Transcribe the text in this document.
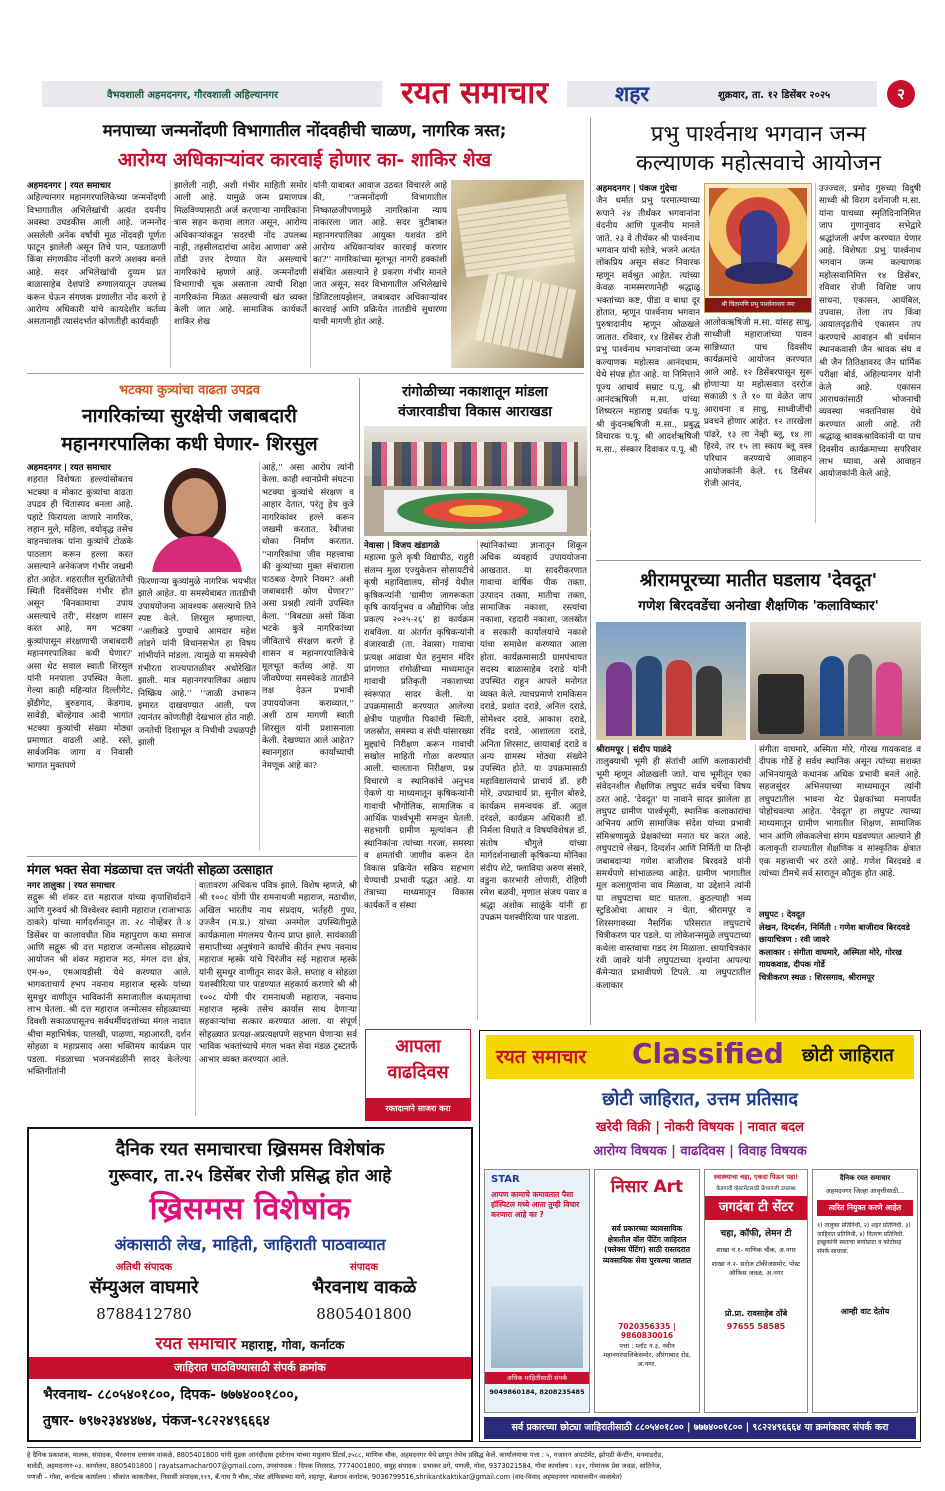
वैभवशाली अहमदनगर, गौरवशाली अहिल्यानगर	रयत समाचार	शहर	शुक्रवार, ता. १२ डिसेंबर २०२५	२
मनपाच्या जन्मनोंदणी विभागातील नोंदवहीची चाळण, नागरिक त्रस्त;
आरोग्य अधिकाऱ्यांवर कारवाई होणार का- शाकिर शेख
अहमदनगर | रयत समाचार
अहिल्यानगर महानगरपालिकेच्या जन्मनोंदणी विभागातील अभिलेखांची अत्यंत दयनीय अवस्था उघडकीस आली आहे. जन्मनोंद असलेली अनेक वर्षांची मूळ नोंदवही पूर्णतः फाटून झालेली असून तिचे पान, पडताळणी किंवा संगणकीय नोंदणी करणे अशक्य बनले आहे. सदर अभिलेखांची दुय्यम प्रत बाळासाहेब देशपांडे रुग्णालयातून उपलब्ध करून घेऊन संगणक प्रणालीत नोंद करणे हे आरोग्य अधिकारी यांचे कायदेशीर कर्तव्य असतानाही त्यासंदर्भात कोणतीही कार्यवाही
झालेली नाही, अशी गंभीर माहिती समोर आली आहे. यामुळे जन्म प्रमाणपत्र मिळविण्यासाठी अर्ज करणाऱ्या नागरिकांना त्रास सहन करावा लागत असून, आरोग्य अधिकाऱ्यांकडून 'सदरची नोंद उपलब्ध नाही, तहसीलदारांचा आदेश आणावा' असे तोंडी उत्तर देण्यात येत असल्याचे नागरिकांचे म्हणणे आहे. जन्मनोंदणी विभागाची चूक असताना त्याची शिक्षा नागरिकांना मिळत असल्याची खंत व्यक्त केली जात आहे. सामाजिक कार्यकर्ते शाकिर शेख
यांनी याबाबत आवाज उठवत विचारले आहे की, ''जन्मनोंदणी विभागातील निष्काळजीपणामुळे नागरिकांना न्याय नाकारला जात आहे. सदर त्रुटीबाबत महानगरपालिका आयुक्त यशवंत डांगे आरोग्य अधिकाऱ्यांवर कारवाई करणार का?'' नागरिकांच्या मूलभूत नागरी हक्कांशी संबंधित असल्याने हे प्रकरण गंभीर मानले जात असून, सदर विभागातील अभिलेखांचे डिजिटलायझेशन, जबाबदार अधिकाऱ्यांवर कारवाई आणि प्रक्रियेत तातडीचे सुधारणा याची मागणी होत आहे.
प्रभु पार्श्वनाथ भगवान जन्म
कल्याणक महोत्सवाचे आयोजन
अहमदनगर | पंकज गुंदेचा
जैन धर्मात प्रभु परमात्म्याच्या रूपाने २४ तीर्थंकर भगवानांना वंदनीय आणि पूजनीय मानले जाते. २३ वे तीर्थंकर श्री पार्श्वनाथ भगवान यांची स्तोत्रे, भजने अत्यंत लोकप्रिय असून संकट निवारक म्हणून सर्वश्रुत आहेत. त्यांच्या केवळ नामस्मरणानेही श्रद्धाळू भक्तांच्या कष्ट, पीडा व बाधा दूर होतात, म्हणून पार्श्वनाथ भगवान पुरुषादानीय म्हणून ओळखले जातात. रविवार, १४ डिसेंबर रोजी प्रभु पार्श्वनाथ भगवानांच्या जन्म कल्याणक महोत्सव आनंदधाम, येथे संपन्न होत आहे. या निमित्ताने पूज्य आचार्य सम्राट प.पू. श्री आनंदऋषिजी म.सा. यांच्या शिष्यरत्न महाराष्ट्र प्रवर्तक प.पू. श्री कुंदनऋषिजी म.सा., प्रबुद्ध विचारक प.पू. श्री आदर्शऋषिजी म.सा., संस्कार दिवाकर प.पू. श्री
श्री चिंतामणि प्रभु पार्श्वनाथाय नमः
आलोकऋषिजी म.सा. यांसह साधु, साध्वीजी महाराजांच्या पावन सान्निध्यात पाच दिवसीय कार्यक्रमांचे आयोजन करण्यात आले आहे. १२ डिसेंबरपासून सुरू होणाऱ्या या महोत्सवात दररोज सकाळी ९ ते १० या वेळेत जाप आराधना व साधु, साध्वीजींची प्रवचने होणार आहेत. १२ तारखेला पांढरे, १३ ला नेव्ही ब्लू, १४ ला हिरवे, तर १५ ला स्काय ब्लू वस्त्र परिधान करण्याचे आवाहन आयोजकांनी केले. १६ डिसेंबर रोजी आनंद,
उज्ज्वल, प्रमोद गुरुच्या विदुषी साध्वी श्री विराग दर्शनाजी म.सा. यांना पाचव्या स्मृतिदिनानिमित्त जाप गुणानुवाद सभेद्वारे श्रद्धांजली अर्पण करण्यात येणार आहे. विशेषतः प्रभु पार्श्वनाथ भगवान जन्म कल्याणक महोत्सवानिमित्त १४ डिसेंबर, रविवार रोजी विशिष्ट जाप साधना, एकासन, आयंबिल, उपवास, तेला तप किंवा आयालदृढ़तीचे एकासन तप करण्याचे आवाहन श्री वर्धमान स्थानकवासी जैन श्रावक संघ व श्री जैन तितिक्षावरद जैन धार्मिक परीक्षा बोर्ड, अहिल्यानगर यांनी केले आहे. एकासन आराधकांसाठी भोजनाची व्यवस्था भक्तनिवास येथे करण्यात आली आहे. तरी श्रद्धाळू श्रावकश्राविकांनी या पाच दिवसीय कार्यक्रमाच्या सपरिवार लाभ घ्यावा, असे आवाहन आयोजकांनी केले आहे.
भटक्या कुत्र्यांचा वाढता उपद्रव
नागरिकांच्या सुरक्षेची जबाबदारी
महानगरपालिका कधी घेणार- शिरसुल
अहमदनगर | रयत समाचार
शहरात विशेषतः हल्ल्यांसोबतच भटक्या व मोकाट कुत्र्यांचा वाढता उपद्रव ही चिंतास्पद बनला आहे. पहाटे फिरायला जाणारे नागरिक, लहान मुले, महिला, वयोवृद्ध तसेच वाहनचालक यांना कुत्र्यांचे टोळके पाठलाग करून हल्ला करत असल्याने अनेकजण गंभीर जखमी होत आहेत. शहरातील सुरक्षिततेची स्थिती दिवसेंदिवस गंभीर होत असून 'बिनकामाचा उपाय असल्याचे तरी', संरक्षण शासन करत आहे, मग भटक्या कुत्र्यांपासून संरक्षणाची जबाबदारी महानगरपालिका कधी घेणार?' असा थेट सवाल स्वाती शिरसुल यांनी मनपाला उपस्थित केला. गेल्या काही महिन्यांत दिल्लीगेट, झेंडीगेट, बुरुडगाव, केडगाव, सावेडी, बोल्हेगाव आदी भागांत भटक्या कुत्र्यांची संख्या मोठ्या प्रमाणात वाढली आहे. रस्ते, सार्वजनिक जागा व निवासी भागात मुक्तपणे
फिरणाऱ्या कुत्र्यांमुळे नागरिक भयभीत झाले आहेत. या समस्येबाबत तातडीची उपाययोजना आवश्यक असल्याचे तिने स्पष्ट केले. शिरसुल म्हणाल्या, ''अलीकडे पुण्याचे आमदार महेश लांडगे यांनी विधानसभेत हा विषय गांभीर्याने मांडला. त्यामुळे या समस्येची गंभीरता राज्यपातळीवर अधोरेखित झाली. मात्र महानगरपालिका अद्याप निष्क्रिय आहे.'' ''जाळी उभारून इमारत दाखवण्यात आली, पण त्यानंतर कोणतीही देखभाल होत नाही. जनतेची दिशाभूल व निधीची उधळपट्टी झाली
आहे,'' असा आरोप त्यांनी केला. काही श्वानप्रेमी संघटना भटक्या कुत्र्यांचे संरक्षण व आहार देतात, परंतु हेच कुत्रे नागरिकांवर हल्ले करून जखमी करतात, रेबीजचा धोका निर्माण करतात. ''नागरिकांचा जीव महत्त्वाचा की कुत्र्यांच्या मुक्त संचाराला पाठबळ देणारे नियम? अशी जबाबदारी कोण घेणार?'' असा प्रश्नही त्यांनी उपस्थित केला. ''बिबट्या असो किंवा भटके कुत्रे नागरिकांच्या जीविताचे संरक्षण करणे हे शासन व महानगरपालिकेचे मूलभूत कर्तव्य आहे. या जीवघेण्या समस्येकडे तातडीने लक्ष देऊन प्रभावी उपाययोजना कराव्यात,'' अशी ठाम मागणी स्वाती शिरसुल यांनी प्रशासनाला केली. देखण्यात आले आहेत? स्वानगृहात कार्यांच्याची नेमणूक आहे का?
रांगोळीच्या नकाशातून मांडला
वंजारवाडीचा विकास आराखडा
नेवासा | विजय खंडागळे
महात्मा फुले कृषी विद्यापीठ, राहुरी संलग्न मुळा एज्युकेशन सोसायटीचे कृषी महाविद्यालय, सोनई येथील कृषिकन्यांनी 'ग्रामीण जागरूकता कृषि कार्यानुभव व औद्योगिक जोड प्रकल्प २०२५-२६' हा कार्यक्रम राबविला. या अंतर्गत कृषिकन्यांनी वंजारवाडी (ता. नेवासा) गावाचा प्रत्यक्ष आढावा घेत हनुमान मंदिर प्रांगणात रांगोळीच्या माध्यमातून गावाची प्रतिकृती नकाशाच्या स्वरूपात सादर केली. या उपक्रमासाठी करण्यात आलेल्या क्षेत्रीय पाहणीत पिकांची स्थिती, जलस्रोत, समस्या व संधी यांसारख्या मुद्द्यांचे निरीक्षण करून गावाची सखोल माहिती गोळा करण्यात आली. चालताना निरीक्षण, प्रश्न विचारणे व स्थानिकांचे अनुभव ऐकणे या माध्यमातून कृषिकन्यांनी गावाची भौगोलिक, सामाजिक व आर्थिक पार्श्वभूमी समजून घेतली. सहभागी ग्रामीण मूल्यांकन ही स्थानिकांना त्यांच्या गरजा, समस्या व क्षमतांची जाणीव करून देत विकास प्रक्रियेत सक्रिय सहभाग घेण्याची प्रभावी पद्धत आहे. या तंत्राच्या माध्यमातून विकास कार्यकर्ते व संस्था
स्थानिकांच्या ज्ञानातून शिकून अधिक व्यवहार्य उपाययोजना आखतात. या सादरीकरणात गावाचा वार्षिक पीक तक्ता, उत्पादन तक्ता, मातीचा तक्ता, सामाजिक नकाशा, रस्त्यांचा नकाशा, रहदारी नकाशा, जलस्रोत व सरकारी कार्यालयांचे नकाशे यांचा समावेश करण्यात आला होता. कार्यक्रमासाठी ग्रामपंचायत सदस्य बाळासाहेब दराडे यांनी उपस्थित राहून आपले मनोगत व्यक्त केले. त्याचप्रमाणे रामकिसन दराडे, प्रशांत दराडे, अनिल दराडे, सोमेश्वर दराडे, आकाश दराडे, रविंद्र दराडे, आशालता दराडे, अनिता शिरसाट, छायाबाई दराडे व अन्य ग्रामस्थ मोठ्या संख्येने उपस्थित होते. या उपक्रमासाठी महाविद्यालयाचे प्राचार्य डॉ. हरी मोरे, उपप्राचार्य प्रा. सुनील बोरुडे, कार्यक्रम समन्वयक डॉ. अतुल दरंदले, कार्यक्रम अधिकारी डॉ. निर्मला विधाते व विषयविशेषज्ञ डॉ. संतोष चौगुले यांच्या मार्गदर्शनाखाली कृषिकन्या मोनिका संदीप शेटे, फ्लाविया अरुण संसारे, वडुना कारभारी लोणारी, रोहिणी रमेश बळवी, मृणाल संजय पवार व श्रद्धा अशोक साळुंके यांनी हा उपक्रम यशस्वीरित्या पार पाडला.
श्रीरामपूरच्या मातीत घडलाय 'देवदूत'
गणेश बिरदवडेंचा अनोखा शैक्षणिक 'कलाविष्कार'
श्रीरामपूर | संदीप पाळंदे
तालुक्याची भूमी ही संतांची आणि कलाकारांची भूमी म्हणून ओळखली जाते. याच भूमीतून एका संवेदनशील शैक्षणिक लघुपट सर्वत्र चर्चेचा विषय ठरत आहे. 'देवदूत' या नावाने सादर झालेला हा लघुपट ग्रामीण पार्श्वभूमी, स्थानिक कलाकारांचा अभिनय आणि सामाजिक संदेश यांच्या प्रभावी संमिश्रणामुळे प्रेक्षकांच्या मनात घर करत आहे. लघुपटाचे लेखन, दिग्दर्शन आणि निर्मिती या तिन्ही जबाबदाऱ्या गणेश बाजीराव बिरदवडे यांनी समर्थपणे सांभाळल्या आहेत. ग्रामीण भागातील मूल कलागुणांना वाव मिळावा, या उद्देशाने त्यांनी या लघुपटाचा घाट घातला. कुठल्याही भव्य स्टुडिओचा आधार न घेता, श्रीरामपूर व शिरसगावच्या नैसर्गिक परिसरात लघुपटाचे चित्रीकरण पार पडले. या लोकेशन्समुळे लघुपटाच्या कथेला वास्तवाचा गडद रंग मिळाला. छायाचित्रकार रवी जावरे यांनी लघुपटाच्या दृश्यांना आपल्या कॅमेऱ्यात प्रभावीपणे टिपले. या लघुपटातील कलाकार
संगीता वाघमारे, अस्मिता मोरे, गोरख गायकवाड व दीपक गोर्डे हे सर्वच स्थानिक असून त्यांच्या सशक्त अभिनयामुळे कथानक अधिक प्रभावी बनले आहे. सहजसुंदर अभिनयाच्या माध्यमातून त्यांनी लघुपटातील भावना थेट प्रेक्षकांच्या मनापर्यंत पोहोचवल्या आहेत. 'देवदूत' हा लघुपट त्याच्या माध्यमातून ग्रामीण भागातील शिक्षण, सामाजिक भान आणि लोककलेचा संगम घडवण्यात आल्याने ही कलाकृती राज्यातील शैक्षणिक व सांस्कृतिक क्षेत्रात एक महत्त्वाची भर ठरते आहे. गणेश बिरदवडे व त्यांच्या टीमचे सर्व स्तरातून कौतुक होत आहे.
लघुपट : देवदूत
लेखन, दिग्दर्शन, निर्मिती : गणेश बाजीराव बिरदवडे
छायाचित्रण : रवी जावरे
कलाकार : संगीता वाघमारे, अस्मिता मोरे, गोरख गायकवाड, दीपक गोर्डे
चित्रीकरण स्थळ : शिरसगाव, श्रीरामपूर
मंगल भक्त सेवा मंडळाचा दत्त जयंती सोहळा उत्साहात
नगर तालुका | रयत समाचार
सद्गुरू श्री शंकर दत्त महाराज यांच्या कृपाशिर्वादाने आणि गुरुवर्य श्री विश्वेश्वर स्वामी महाराज (राजाभाऊ ठाकरे) यांच्या मार्गदर्शनातून ता. २८ नोव्हेंबर ते ४ डिसेंबर या कालावधीत शिव महापुराण कथा समाज आणि सद्गुरू श्री दत्त महाराज जन्मोत्सव सोहळ्याचे आयोजन श्री शंकर महाराज मठ, मंगल दत्त क्षेत्र, एम-७०, एमआयडीसी येथे करण्यात आले. भागवताचार्य ह्भप नवनाथ महाराज म्हस्के यांच्या सुमधुर वाणीतून भाविकांनी समाजातील कथामृताचा लाभ घेतला. श्री दत्त महाराज जन्मोत्सव सोहळ्याच्या दिवशी सकाळपासूनच सर्वधर्मीयदत्तांच्या मंगल नादात श्रीचा महाभिषेक, पालखी, पाळणा, महाआरती, दर्शन सोहळा व महाप्रसाद असा भक्तिमय कार्यक्रम पार पडला. मंडळाच्या भजनमंडळींनी सादर केलेल्या भक्तिगीतांनी
वातावरण अधिकच पवित्र झाले. विशेष म्हणजे, श्री श्री १००८ योगी पीर रामनाथजी महाराज, मठाधीश, अखिल भारतीय नाथ संप्रदाय, भर्तहरी गुफा, उज्जैन (म.प्र.) यांच्या अनमोल उपस्थितीमुळे कार्यक्रमाला मंगलमय चैतन्य प्राप्त झाले. सायंकाळी समाप्तीच्या अनुषंगाने कार्यांचे कीर्तन ह्भप नवनाथ महाराज म्हस्के यांचे चिरंजीव सई महाराज म्हस्के यांनी सुमधुर वाणीतून सादर केले. सप्ताह व सोहळा यशस्वीरित्या पार पाडण्यात सहकार्य करणारे श्री श्री १००८ योगी पीर रामनाथजी महाराज, नवनाथ महाराज म्हस्के तसेच कार्यास साथ देणाऱ्या सहकाऱ्यांचा सत्कार करण्यात आला. या संपूर्ण सोहळ्यात प्रत्यक्ष-अप्रत्यक्षपणे सहभाग घेणाऱ्या सर्व भाविक भक्तांच्याचे मंगल भक्त सेवा मंडळ ट्रस्टतर्फे आभार व्यक्त करण्यात आले.
आपला
वाढदिवस
रक्तदानाने साजरा करा
दैनिक रयत समाचारचा ख्रिसमस विशेषांक
गुरूवार, ता.२५ डिसेंबर रोजी प्रसिद्ध होत आहे
ख्रिसमस विशेषांक
अंकासाठी लेख, माहिती, जाहिराती पाठवाव्यात
अतिथी संपादक
सॅम्युअल वाघमारे
8788412780
संपादक
भैरवनाथ वाकळे
8805401800
रयत समाचार महाराष्ट्र, गोवा, कर्नाटक
जाहिरात पाठविण्यासाठी संपर्क क्रमांक
भैरवनाथ- ८८०५४०१८००, दिपक- ७७७४००१८००,
तुषार- ७९७२३४४४७४, पंकज-९८२२४९६६६४
रयत समाचार Classified छोटी जाहिरात
छोटी जाहिरात, उत्तम प्रतिसाद
खरेदी विक्री | नोकरी विषयक | नावात बदल
आरोग्य विषयक | वाढदिवस | विवाह विषयक
STAR
आपण कामाचे कमावतात पैसा हॉस्पिटल मध्ये आता तुम्ही विचार करणारा आहे का ?
अधिक माहितीसाठी संपर्क
9049860184, 8208235485
निसार Art
सर्व प्रकारच्या व्यावसायिक क्षेत्रातील वॉल पेंटिंग जाहिरात (फ्लेक्स पेंटिंग) साठी रास्तदरात व्यवसायिक सेवा पुरवल्या जातात
7020356335 | 9860830016
पत्ता : प्लॉट नं.३, नवीन महानगरपालिकेसमोर, औरंगाबाद रोड, अ.नगर.
स्वास्थ्याचा चहा, एकदा पिऊन पहा!
केडगावी व्हेस्टमेंटसाठी फ्रेंचायजी उपलब्ध
जगदंबा टी सेंटर
चहा, कॉफी, लेमन टी
शाखा नं.१- माणिक चौक, अ.नगर
शाखा नं.२- सरोज टॉकीजसमोर, पोस्ट ऑफिस जवळ, अ.नगर
प्रो.प्रा. रावसाहेब ठोंबे
97655 58585
दैनिक रयत समाचार
अहमदनगर जिल्हा आवृत्तीसाठी...
त्वरित नियुक्त करणे आहेत
१) तालुका प्रतिनिधी, २) शहर प्रतिनिधी, ३) जाहिरात प्रतिनिधी, ४) वितरण प्रतिनिधी. इच्छुकांनी स्वतःचा बायोडाटा व फोटोसह संपर्क साधावा.
आम्ही वाट देतोय
सर्व प्रकारच्या छोट्या जाहिरातीसाठी ८८०५४०१८०० | ७७७४००१८०० | ९८२२४९६६६४ या क्रमांकावर संपर्क करा
हे दैनिक प्रकाशक, मालक, संपादक, भैरवनाथ दत्तात्रय वाकळे, 8805401800 यांनी मुद्रक आनंदीदास ट्रस्टेनाथ यांच्या मधुलाय प्रिंटर्स,३५८८, माणिक चौक, अहमदनगर येथे छापून तेथेच प्रसिद्ध केले. कार्यालयाचा पत्ता : ५, गजानन अपार्टमेंट, झोपडी कॅन्टीन, मनमाडरोड,
सावेडी, अहमदनगर-०३. कार्यालय, 8805401800 | rayatsamachar007@gmail.com, उपसंपादक : दिपक शिरसाठ, 7774001800, समूह संपादक : प्रभाकर ढगे, पणजी, गोवा, 9373021584, गोवा कार्यालय : १३१, गोमांतक प्रेस जवळ, सांतिनेज,
पणजी – गोवा, कर्नाटक कार्यालय : श्रीकांत काकतीकर, निवासी संपादक,११९, बँ.नाथ पै चौक, पोस्ट ऑफिसच्या मागे, शहापूर, बेळगाव कर्नाटक, 9036799516,shrikantkaktikar@gmail.com (वाद-विवाद अहमदनगर न्यायालयीन व्यवस्थेत)
